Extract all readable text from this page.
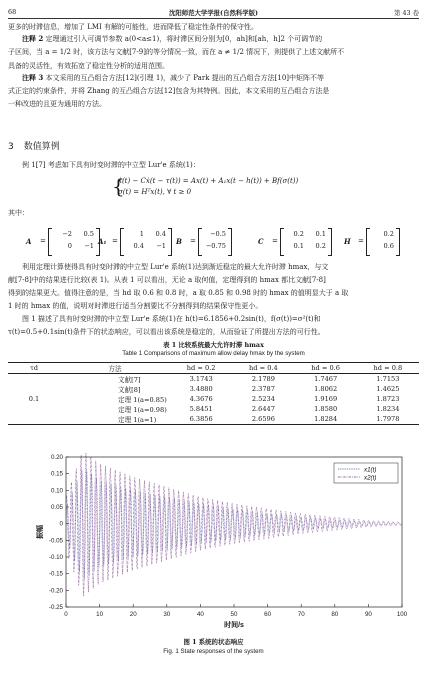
68	沈阳师范大学学报(自然科学版)	第 43 卷
更多的时滞信息，增加了 LMI 有解的可能性，进而降低了稳定性条件的保守性。
注释 2 定理通过引入可调节参数 a(0<a≤1)，将时滞区间分别为[0，ah]和[ah，h]2 个可调节的
子区间，当 a = 1/2 时，该方法与文献[7-9]的等分情况一致，而在 a ≠ 1/2 情况下，则提供了上述文献所不
具备的灵活性，有效拓宽了稳定性分析的适用范围。
注释 3 本文采用的互凸组合方法[12](引理 1)，减少了 Park 提出的互凸组合方法[10]中矩阵不等
式正定的约束条件，并将 Zhang 的互凸组合方法[12]包含为其特例。因此，本文采用的互凸组合方法是
一种改进的且更为通用的方法。
3 数值算例
例 1[7] 考虑如下具有时变时滞的中立型 Lur'e 系统(1)：
{
ẋ(t) − Cẋ(t − τ(t)) = Ax(t) + A₁x(t − h(t)) + Bf(σ(t))
σ(t) = Hᵀx(t), ∀ t ≥ 0
其中：
A =
−2	0.5
0	−1 A₁ =
1	0.4
0.4	−1 B =
−0.5
−0.75	C =
0.2	0.1
0.1	0.2	H =
0.2
0.6
利用定理计算使得具有时变时滞的中立型 Lur'e 系统(1)达到渐近稳定的最大允许时滞 hmax，与文
献[7-8]中的结果进行比较(表 1)。从表 1 可以看出，无论 a 取何值，定理得到的 hmax 都比文献[7-8]
得到的结果更大。值得注意的是，当 hd 取 0.6 和 0.8 时，a 取 0.85 和 0.98 时的 hmax 的值明显大于 a 取
1 时的 hmax 的值，说明对时滞进行适当分割要比不分割得到的结果保守性更小。
图 1 描述了具有时变时滞的中立型 Lur'e 系统(1)在 h(t)=6.1856+0.2sin(t)，f(σ(t))=σ²(t)和
τ(t)=0.5+0.1sin(t)条件下的状态响应，可以看出该系统是稳定的，从而验证了所提出方法的可行性。
表 1 比较系统最大允许时滞 hmax
Table 1 Comparisons of maximum allow delay hmax by the system
τd	方法	hd = 0.2	hd = 0.4	hd = 0.6	hd = 0.8
	文献[7]	3.1743	2.1789	1.7467	1.7153
	文献[8]	3.4880	2.3787	1.8062	1.4625
0.1	定理 1(a=0.85)	4.3676	2.5234	1.9169	1.8723
	定理 1(a=0.98)	5.8451	2.6447	1.8580	1.8234
	定理 1(a=1)	6.3856	2.6596	1.8284	1.7978
0	10	20	30	40	50	60	70	80	90	100
0.20
0.15
0.10
0.05
0
-0.05
-0.10
-0.15
-0.20
-0.25
时间/s
振幅
x1(t)
x2(t)
图 1 系统的状态响应
Fig. 1 State responses of the system
